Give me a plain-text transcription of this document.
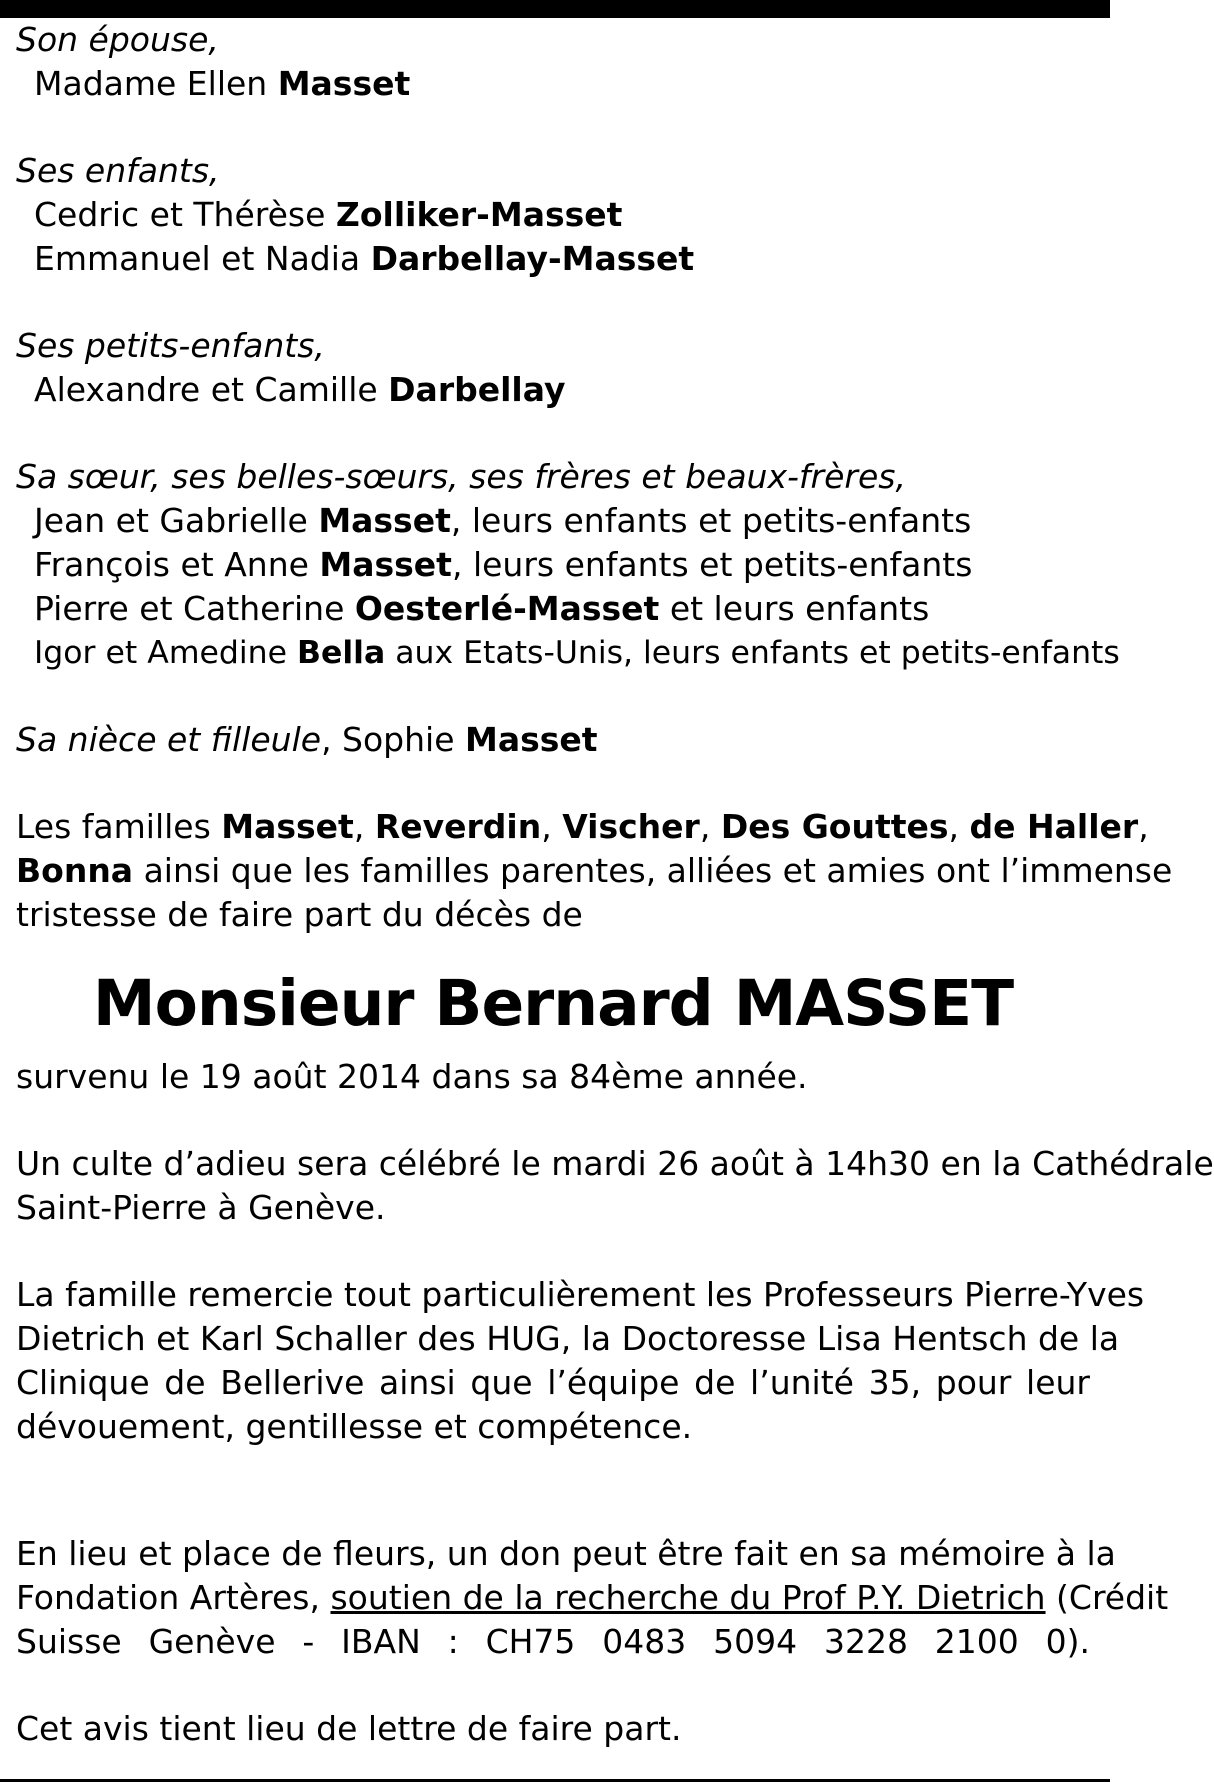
Son épouse,
Madame Ellen Masset
Ses enfants,
Cedric et Thérèse Zolliker-Masset
Emmanuel et Nadia Darbellay-Masset
Ses petits-enfants,
Alexandre et Camille Darbellay
Sa sœur, ses belles-sœurs, ses frères et beaux-frères,
Jean et Gabrielle Masset, leurs enfants et petits-enfants
François et Anne Masset, leurs enfants et petits-enfants
Pierre et Catherine Oesterlé-Masset et leurs enfants
Igor et Amedine Bella aux Etats-Unis, leurs enfants et petits-enfants
Sa nièce et filleule, Sophie Masset
Les familles Masset, Reverdin, Vischer, Des Gouttes, de Haller,
Bonna ainsi que les familles parentes, alliées et amies ont l’immense
tristesse de faire part du décès de
Monsieur Bernard MASSET
survenu le 19 août 2014 dans sa 84ème année.
Un culte d’adieu sera célébré le mardi 26 août à 14h30 en la Cathédrale
Saint-Pierre à Genève.
La famille remercie tout particulièrement les Professeurs Pierre-Yves
Dietrich et Karl Schaller des HUG, la Doctoresse Lisa Hentsch de la
Clinique de Bellerive ainsi que l’équipe de l’unité 35, pour leur
dévouement, gentillesse et compétence.
En lieu et place de fleurs, un don peut être fait en sa mémoire à la
Fondation Artères, soutien de la recherche du Prof P.Y. Dietrich (Crédit
Suisse Genève - IBAN : CH75 0483 5094 3228 2100 0).
Cet avis tient lieu de lettre de faire part.
